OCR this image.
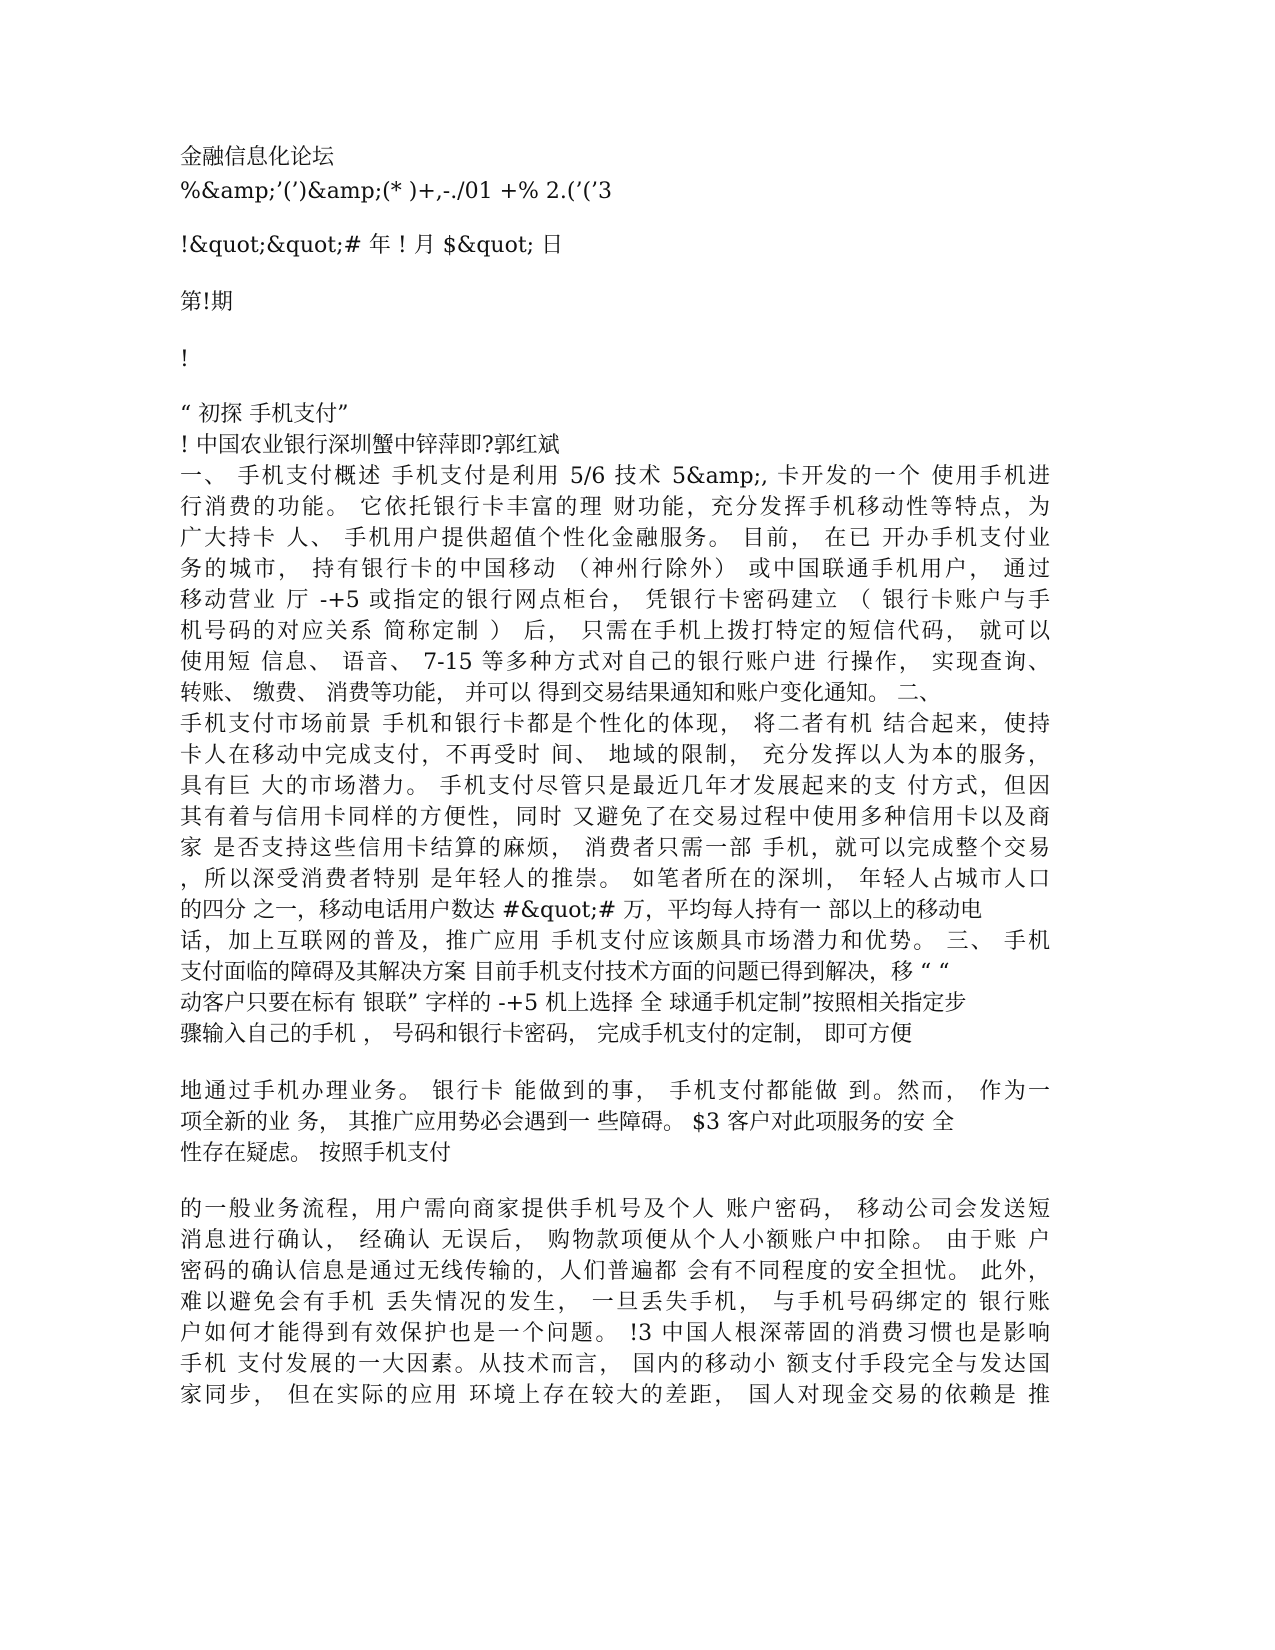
金融信息化论坛
%&amp;’(’)&amp;(* )+,-./01 +% 2.(’(’3
!&quot;&quot;# 年 ! 月 $&quot; 日
第!期
!
“ 初探 手机支付”
! 中国农业银行深圳蟹中锌萍即?郭红斌
一、 手机支付概述 手机支付是利用 5/6 技术 5&amp;, 卡开发的一个 使用手机进
行消费的功能。 它依托银行卡丰富的理 财功能，充分发挥手机移动性等特点，为
广大持卡 人、 手机用户提供超值个性化金融服务。 目前， 在已 开办手机支付业
务的城市， 持有银行卡的中国移动 （神州行除外） 或中国联通手机用户， 通过
移动营业 厅 -+5 或指定的银行网点柜台， 凭银行卡密码建立 （ 银行卡账户与手
机号码的对应关系 简称定制 ） 后， 只需在手机上拨打特定的短信代码， 就可以
使用短 信息、 语音、 7-15 等多种方式对自己的银行账户进 行操作， 实现查询、
转账、 缴费、 消费等功能， 并可以 得到交易结果通知和账户变化通知。 二、
手机支付市场前景 手机和银行卡都是个性化的体现， 将二者有机 结合起来，使持
卡人在移动中完成支付，不再受时 间、 地域的限制， 充分发挥以人为本的服务，
具有巨 大的市场潜力。 手机支付尽管只是最近几年才发展起来的支 付方式，但因
其有着与信用卡同样的方便性，同时 又避免了在交易过程中使用多种信用卡以及商
家 是否支持这些信用卡结算的麻烦， 消费者只需一部 手机，就可以完成整个交易
，所以深受消费者特别 是年轻人的推崇。 如笔者所在的深圳， 年轻人占城市人口
的四分 之一，移动电话用户数达 #&quot;# 万，平均每人持有一 部以上的移动电
话，加上互联网的普及，推广应用 手机支付应该颇具市场潜力和优势。 三、 手机
支付面临的障碍及其解决方案 目前手机支付技术方面的问题已得到解决，移 “ “
动客户只要在标有 银联” 字样的 -+5 机上选择 全 球通手机定制”按照相关指定步
骤输入自己的手机 ， 号码和银行卡密码， 完成手机支付的定制， 即可方便
地通过手机办理业务。 银行卡 能做到的事， 手机支付都能做 到。然而， 作为一
项全新的业 务， 其推广应用势必会遇到一 些障碍。 $3 客户对此项服务的安 全
性存在疑虑。 按照手机支付
的一般业务流程，用户需向商家提供手机号及个人 账户密码， 移动公司会发送短
消息进行确认， 经确认 无误后， 购物款项便从个人小额账户中扣除。 由于账 户
密码的确认信息是通过无线传输的，人们普遍都 会有不同程度的安全担忧。 此外，
难以避免会有手机 丢失情况的发生， 一旦丢失手机， 与手机号码绑定的 银行账
户如何才能得到有效保护也是一个问题。 !3 中国人根深蒂固的消费习惯也是影响
手机 支付发展的一大因素。从技术而言， 国内的移动小 额支付手段完全与发达国
家同步， 但在实际的应用 环境上存在较大的差距， 国人对现金交易的依赖是 推
